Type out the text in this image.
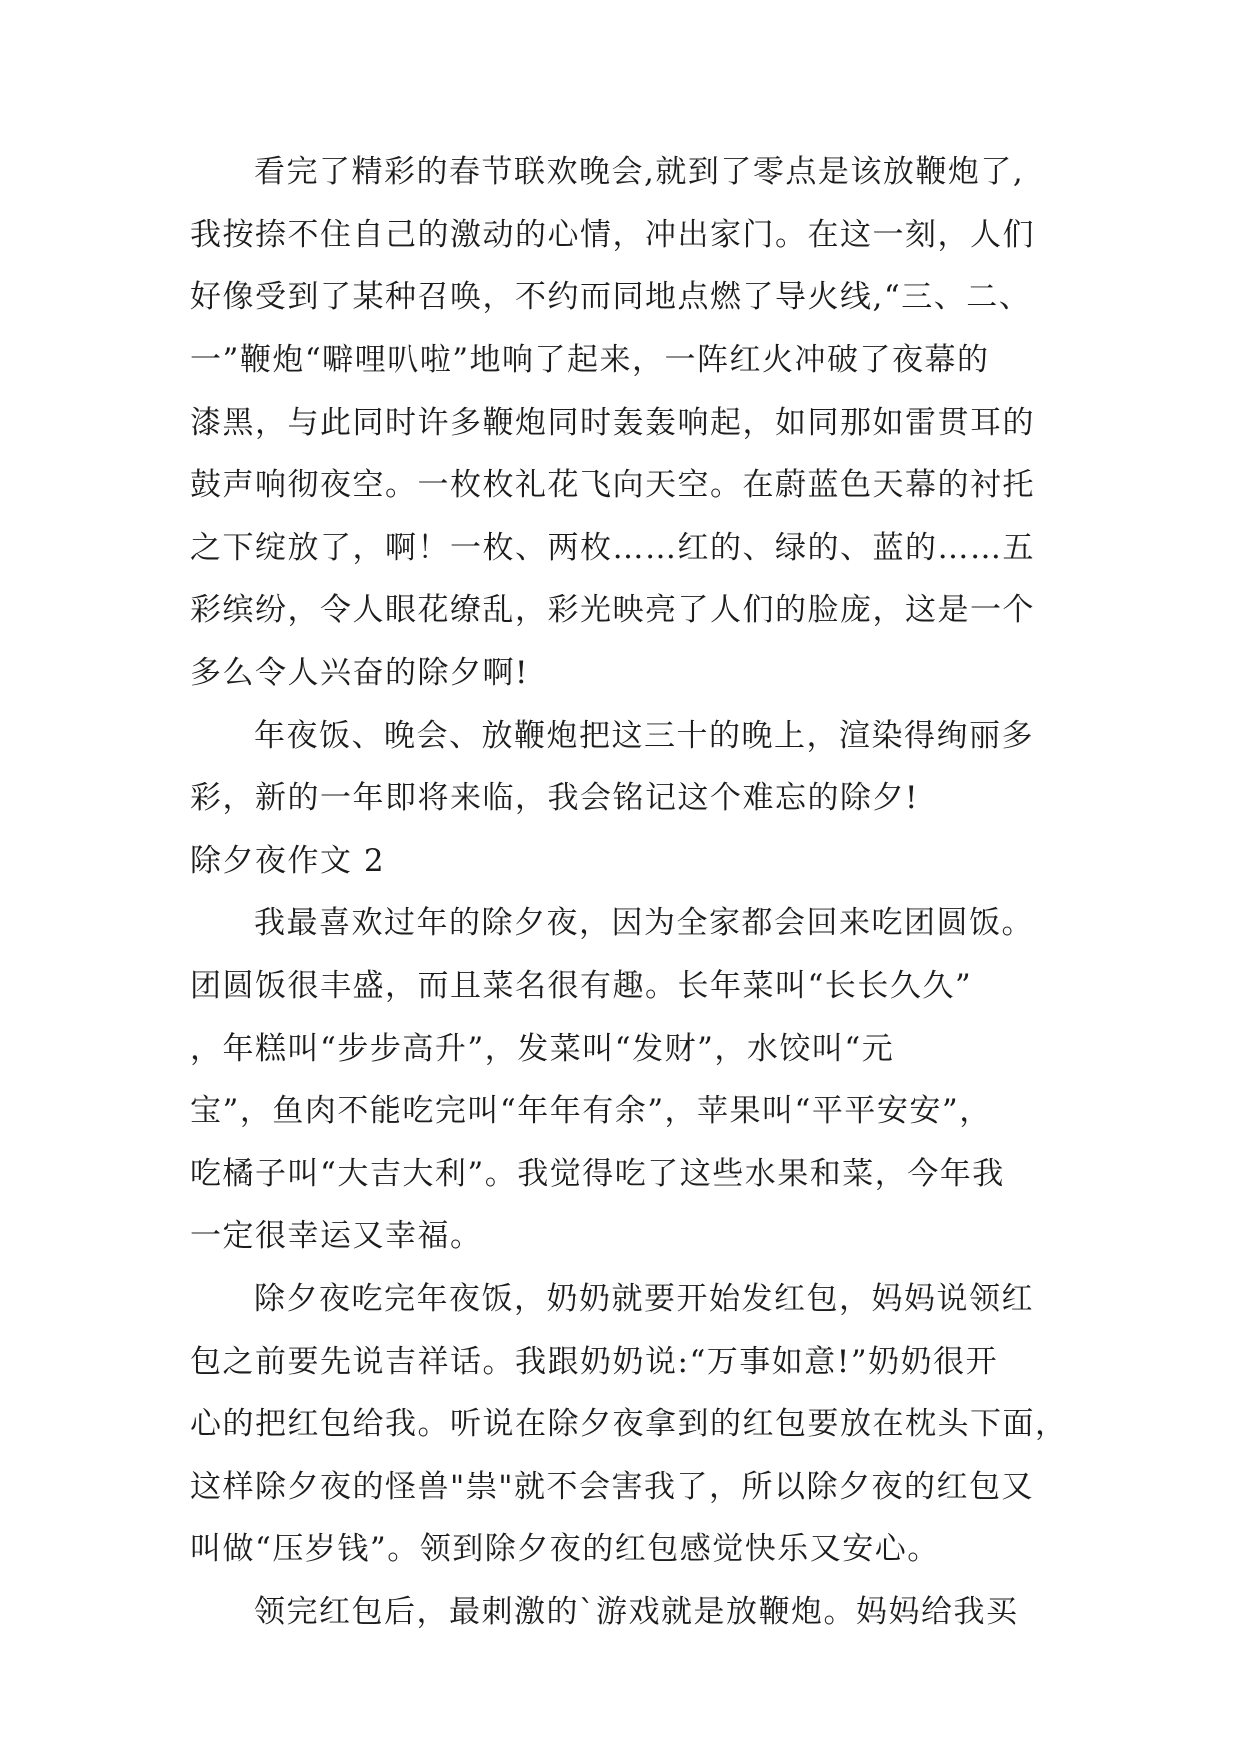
看完了精彩的春节联欢晚会,就到了零点是该放鞭炮了,
我按捺不住自己的激动的心情，冲出家门。在这一刻，人们
好像受到了某种召唤，不约而同地点燃了导火线,“三、二、
一”鞭炮“噼哩叭啦”地响了起来，一阵红火冲破了夜幕的
漆黑，与此同时许多鞭炮同时轰轰响起，如同那如雷贯耳的
鼓声响彻夜空。一枚枚礼花飞向天空。在蔚蓝色天幕的衬托
之下绽放了，啊！一枚、两枚……红的、绿的、蓝的……五
彩缤纷，令人眼花缭乱，彩光映亮了人们的脸庞，这是一个
多么令人兴奋的除夕啊!
年夜饭、晚会、放鞭炮把这三十的晚上，渲染得绚丽多
彩，新的一年即将来临，我会铭记这个难忘的除夕!
除夕夜作文 2
我最喜欢过年的除夕夜，因为全家都会回来吃团圆饭。
团圆饭很丰盛，而且菜名很有趣。长年菜叫“长长久久”
，年糕叫“步步高升”，发菜叫“发财”，水饺叫“元
宝”，鱼肉不能吃完叫“年年有余”，苹果叫“平平安安”，
吃橘子叫“大吉大利”。我觉得吃了这些水果和菜，今年我
一定很幸运又幸福。
除夕夜吃完年夜饭，奶奶就要开始发红包，妈妈说领红
包之前要先说吉祥话。我跟奶奶说:“万事如意!”奶奶很开
心的把红包给我。听说在除夕夜拿到的红包要放在枕头下面，
这样除夕夜的怪兽"祟"就不会害我了，所以除夕夜的红包又
叫做“压岁钱”。领到除夕夜的红包感觉快乐又安心。
领完红包后，最刺激的`游戏就是放鞭炮。妈妈给我买
